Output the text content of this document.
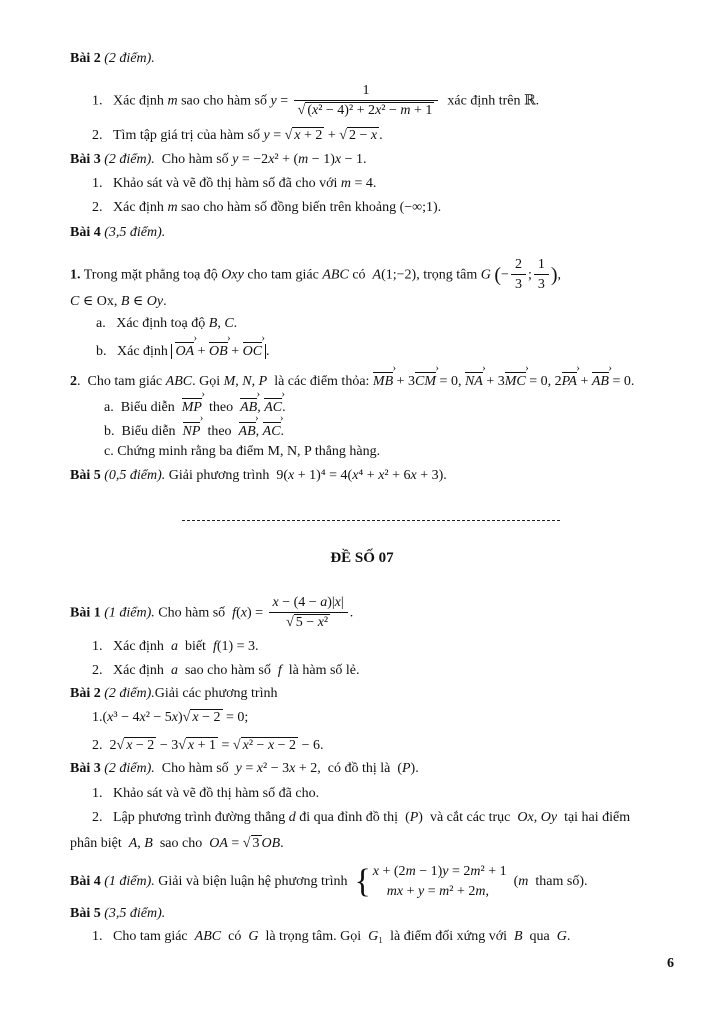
Bài 2 (2 điểm).
1.   Xác định m sao cho hàm số $y = \frac{1}{\text{√ (x² − 4)² + 2x² − m + 1}}$ xác định trên ℝ.
2.   Tìm tập giá trị của hàm số y = √ x + 2 + √ 2 − x .
Bài 3 (2 điểm).  Cho hàm số y = −2x² + (m − 1)x − 1.
1.   Khảo sát và vẽ đồ thị hàm số đã cho với m = 4.
2.   Xác định m sao cho hàm số đồng biến trên khoảng (−∞;1).
Bài 4 (3,5 điểm).
1. Trong mặt phẳng toạ độ Oxy cho tam giác ABC có  A(1;−2), trọng tâm G (− $\frac{2}{3}$ ; $\frac{1}{3}$ ),
C ∈ Ox, B ∈ Oy.
a.   Xác định toạ độ B, C.
b.   Xác định OA › + OB › + OC › .
2.  Cho tam giác ABC. Gọi M, N, P  là các điểm thỏa: MB › + 3CM › = 0, NA › + 3MC › = 0, 2PA › + AB › = 0.
a.  Biểu diễn  MP ›  theo  AB ›, AC ›.
b.  Biểu diễn  NP ›  theo  AB ›, AC ›.
c. Chứng minh rằng ba điểm M, N, P thẳng hàng.
Bài 5 (0,5 điểm). Giải phương trình  9(x + 1)⁴ = 4(x⁴ + x² + 6x + 3).
ĐỀ SỐ 07
Bài 1 (1 điểm). Cho hàm số  $f(x) = \frac{x - (4 - a)|x|}{\text{√ 5 − x²}}$ .
1.   Xác định  a  biết  f(1) = 3.
2.   Xác định  a  sao cho hàm số  f  là hàm số lẻ.
Bài 2 (2 điểm).Giải các phương trình
1.(x³ − 4x² − 5x)√ x − 2 = 0;
2.  2√ x − 2 − 3√ x + 1 = √ x² − x − 2 − 6.
Bài 3 (2 điểm).  Cho hàm số  y = x² − 3x + 2,  có đồ thị là  (P).
1.   Khảo sát và vẽ đồ thị hàm số đã cho.
2.   Lập phương trình đường thẳng d đi qua đỉnh đồ thị  (P)  và cắt các trục  Ox, Oy  tại hai điểm
phân biệt  A, B  sao cho  OA = √ 3 OB.
Bài 4 (1 điểm). Giải và biện luận hệ phương trình  { x + (2m − 1)y = 2m² + 1
mx + y = m² + 2m,
(m  tham số).
Bài 5 (3,5 điểm).
1.   Cho tam giác  ABC  có  G  là trọng tâm. Gọi  G₁  là điểm đối xứng với  B  qua  G.
6
